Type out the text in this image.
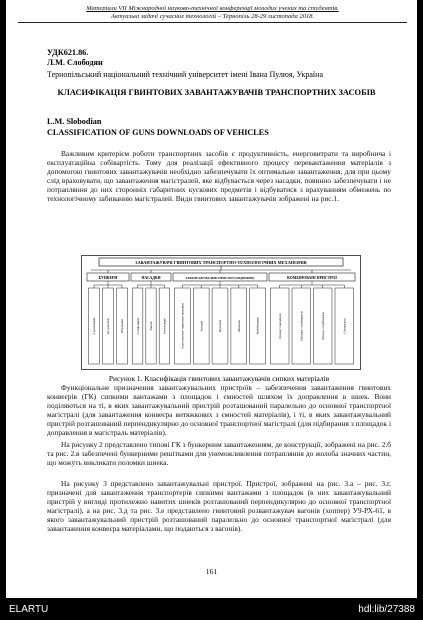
Матеріали VІІ Міжнародної науково-технічної конференції молодих учених та студентів.
Актуальні задачі сучасних технологій – Тернопіль 28-29 листопада 2018.
УДК621.86.
Л.М. Слободян
Тернопільський національний технічний університет імені Івана Пулюя, Україна
КЛАСИФІКАЦІЯ ГВИНТОВИХ ЗАВАНТАЖУВАЧІВ ТРАНСПОРТНИХ ЗАСОБІВ
L.M. Slobodian
CLASSIFICATION OF GUNS DOWNLOADS OF VEHICLES
Важливим критерієм роботи транспортних засобів є продуктивність, енерговитрати та виробнича і експлуатаційна собівартість. Тому для реалізації ефективного процесу перевантаження матеріалів з допомогою гвинтових завантажувачів необхідно забезпечувати їх оптимальне завантаження, для при цьому слід враховувати, що завантаження магістралей, яке відбувається через насадки, повинно забезпечувати і не потрапляння до них сторонніх габаритних кускових предметів і відбуватися з врахуванням обмежень по технологічному забиванню магістралей. Види гвинтових завантажувачів зображені на рис.1.
ЗАВАНТАЖУВАЧІ ГВИНТОВИХ ТРАНСПОРТНО-ТЕХНОЛОГІЧНИХ МЕХАНІЗМІВ
БУНКЕРИ
З решітками	Без решіток	Вбудовані
НАСАДКИ
Стаціонарні	Змінні	Регульовані
ЗАВАНТАЖУВАЛЬНІ ПРИСТРОЇ (ПІДБИРАЧІ)
З протилежно навитими шнеками	Роторні	Фрезерні	Шнекові	Комбіновані
КОМБІНОВАНІ ПРИСТРОЇ
Бункер з насадкою	Насадка з підбирачем	Бункер з підбирачем	Спеціальні
Рисунок 1. Класифікація гвинтових завантажувачів сипких матеріалів
Функціональне призначення завантажувальних пристроїв – забезпечення завантаження гвинтових конвеєрів (ГК) сипкими вантажами з площадок і ємностей шляхом їх доправлення в шнек. Вони поділяються на ті, в яких завантажувальний пристрій розташований паралельно до основної транспортної магістралі (для завантаження конвеєра витяжкових з ємностей матеріалів), і ті, в яких завантажувальний пристрій розташований перпендикулярно до основної транспортної магістралі (для підбирання з площадок і доправлення в магістраль матеріалів).
На рисунку 2 представлено типові ГК з бункерним завантаженням, де конструкції, зображені на рис. 2.б та рис. 2.в забезпечені бункерними решітками для унеможливлення потрапляння до жолоба значних частин, що можуть викликати поломки шнека.
На рисунку 3 представлено завантажувальні пристрої. Пристрої, зображені на рис. 3.а – рис. 3.г, призначені для завантаження транспортерів сипкими вантажами з площадок (в них завантажувальний пристрій у вигляді протилежно навитих шнеків розташований перпендикулярно до основної транспортної магістралі), а на рис. 3.д та рис. 3.е представлено гвинтовий розвантажувач вагонів (хоппер) У9-РХ-61, в якого завантажувальний пристрій розташований паралельно до основної транспортної магістралі (для завантаження конвеєра матеріалами, що подаються з вагонів).
161
ELARTU	hdl:lib/27388
